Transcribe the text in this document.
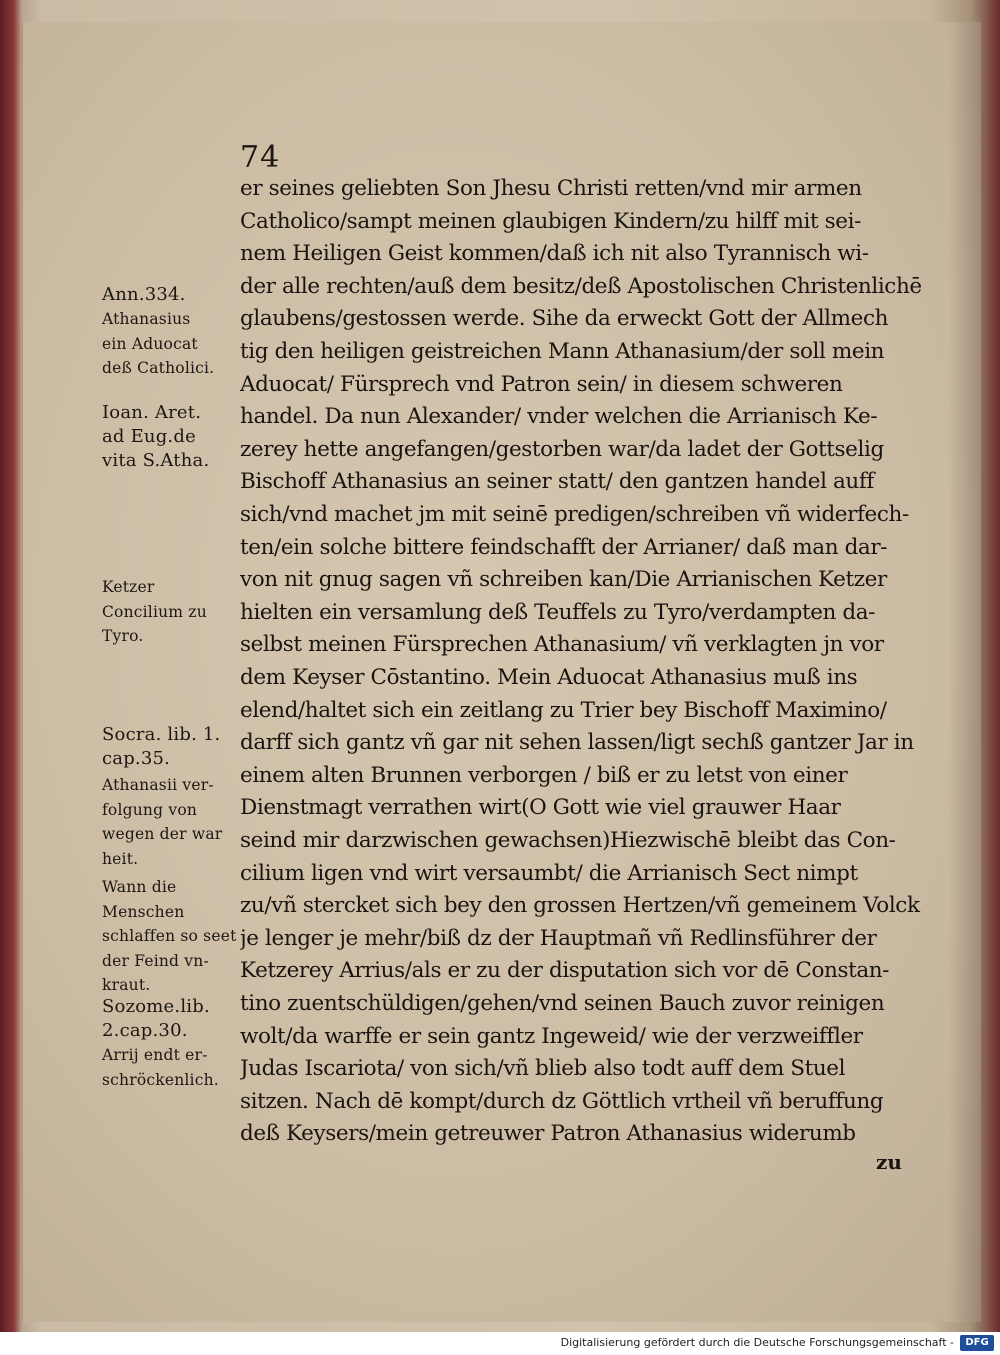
74
Ann.334.
Athanasius
ein Aduocat
deß Catholici.
Ioan. Aret.
ad Eug.de
vita S.Atha.
Ketzer Concilium zu Tyro.
Socra. lib. 1.
cap.35.
Athanasii ver-
folgung von
wegen der war
heit.
Wann die
Menschen
schlaffen so seet
der Feind vn-
kraut.
Sozome.lib.
2.cap.30.
Arrij endt er-
schröckenlich.
er seines geliebten Son Jhesu Christi retten/vnd mir armen
Catholico/sampt meinen glaubigen Kindern/zu hilff mit sei-
nem Heiligen Geist kommen/daß ich nit also Tyrannisch wi-
der alle rechten/auß dem besitz/deß Apostolischen Christenlichē
glaubens/gestossen werde. Sihe da erweckt Gott der Allmech
tig den heiligen geistreichen Mann Athanasium/der soll mein
Aduocat/ Fürsprech vnd Patron sein/ in diesem schweren
handel. Da nun Alexander/ vnder welchen die Arrianisch Ke-
zerey hette angefangen/gestorben war/da ladet der Gottselig
Bischoff Athanasius an seiner statt/ den gantzen handel auff
sich/vnd machet jm mit seinē predigen/schreiben vñ widerfech-
ten/ein solche bittere feindschafft der Arrianer/ daß man dar-
von nit gnug sagen vñ schreiben kan/Die Arrianischen Ketzer
hielten ein versamlung deß Teuffels zu Tyro/verdampten da-
selbst meinen Fürsprechen Athanasium/ vñ verklagten jn vor
dem Keyser Cōstantino. Mein Aduocat Athanasius muß ins
elend/haltet sich ein zeitlang zu Trier bey Bischoff Maximino/
darff sich gantz vñ gar nit sehen lassen/ligt sechß gantzer Jar in
einem alten Brunnen verborgen / biß er zu letst von einer
Dienstmagt verrathen wirt(O Gott wie viel grauwer Haar
seind mir darzwischen gewachsen)Hiezwischē bleibt das Con-
cilium ligen vnd wirt versaumbt/ die Arrianisch Sect nimpt
zu/vñ stercket sich bey den grossen Hertzen/vñ gemeinem Volck
je lenger je mehr/biß dz der Hauptmañ vñ Redlinsführer der
Ketzerey Arrius/als er zu der disputation sich vor dē Constan-
tino zuentschüldigen/gehen/vnd seinen Bauch zuvor reinigen
wolt/da warffe er sein gantz Ingeweid/ wie der verzweiffler
Judas Iscariota/ von sich/vñ blieb also todt auff dem Stuel
sitzen. Nach dē kompt/durch dz Göttlich vrtheil vñ beruffung
deß Keysers/mein getreuwer Patron Athanasius widerumb
zu
Digitalisierung gefördert durch die Deutsche Forschungsgemeinschaft -	DFG
